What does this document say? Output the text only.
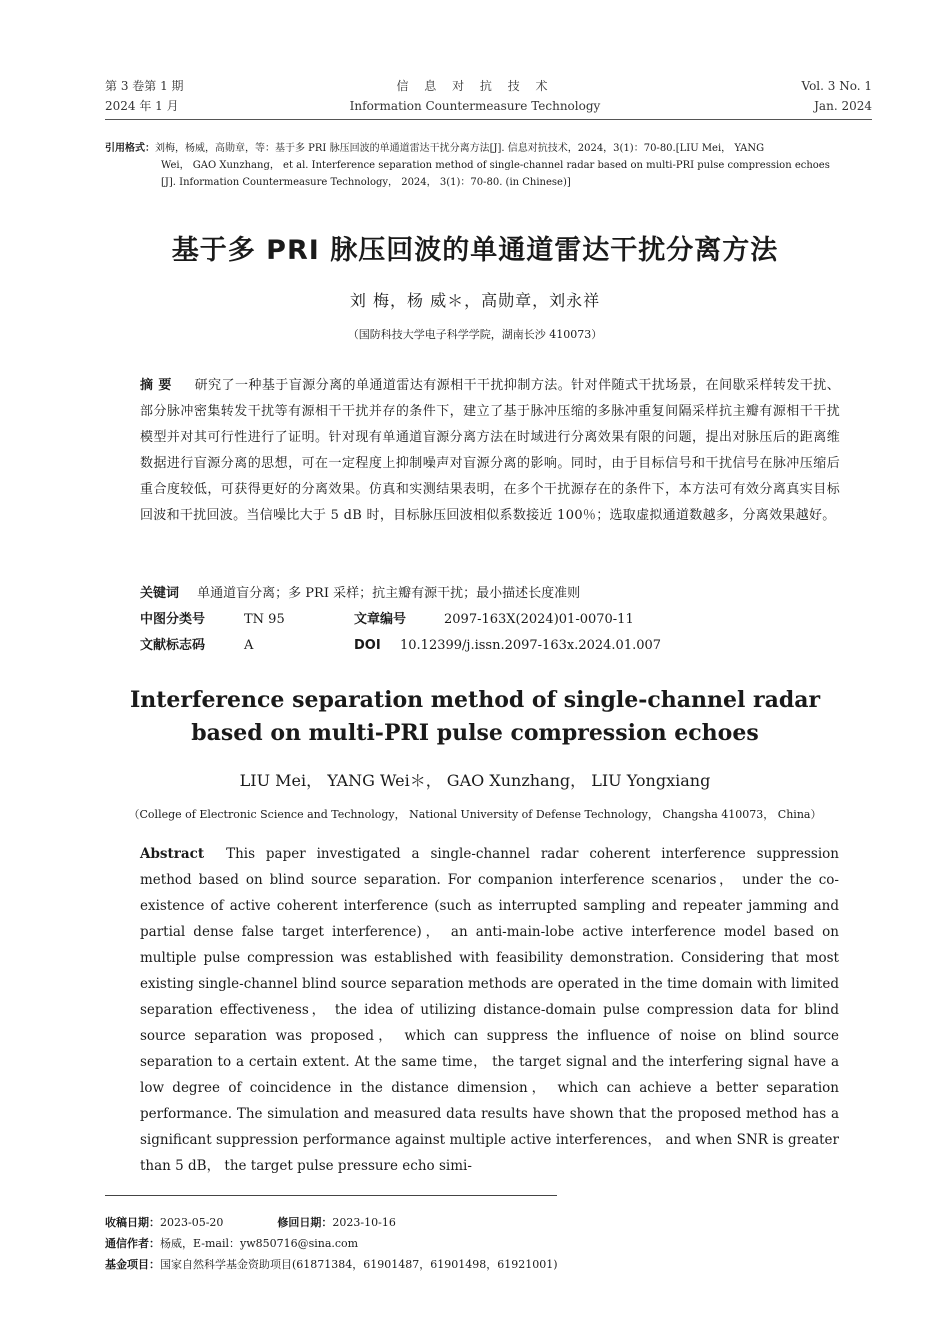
第 3 卷第 1 期
2024 年 1 月
信 息 对 抗 技 术
Information Countermeasure Technology
Vol. 3 No. 1
Jan. 2024
引用格式：刘梅，杨威，高勋章，等：基于多 PRI 脉压回波的单通道雷达干扰分离方法[J]. 信息对抗技术，2024，3(1)：70-80.[LIU Mei， YANG
Wei， GAO Xunzhang， et al. Interference separation method of single-channel radar based on multi-PRI pulse compression echoes
[J]. Information Countermeasure Technology， 2024， 3(1)：70-80. (in Chinese)]
基于多 PRI 脉压回波的单通道雷达干扰分离方法
刘 梅，杨 威＊，高勋章，刘永祥
（国防科技大学电子科学学院，湖南长沙 410073）
摘 要 研究了一种基于盲源分离的单通道雷达有源相干干扰抑制方法。针对伴随式干扰场景，在间歇采样转发干扰、部分脉冲密集转发干扰等有源相干干扰并存的条件下，建立了基于脉冲压缩的多脉冲重复间隔采样抗主瓣有源相干干扰模型并对其可行性进行了证明。针对现有单通道盲源分离方法在时域进行分离效果有限的问题，提出对脉压后的距离维数据进行盲源分离的思想，可在一定程度上抑制噪声对盲源分离的影响。同时，由于目标信号和干扰信号在脉冲压缩后重合度较低，可获得更好的分离效果。仿真和实测结果表明，在多个干扰源存在的条件下，本方法可有效分离真实目标回波和干扰回波。当信噪比大于 5 dB 时，目标脉压回波相似系数接近 100％；选取虚拟通道数越多，分离效果越好。
关键词 单通道盲分离；多 PRI 采样；抗主瓣有源干扰；最小描述长度准则
中图分类号	TN 95	文章编号	2097-163X(2024)01-0070-11
文献标志码	A	DOI 10.12399/j.issn.2097-163x.2024.01.007
Interference separation method of single-channel radar
based on multi-PRI pulse compression echoes
LIU Mei， YANG Wei＊， GAO Xunzhang， LIU Yongxiang
（College of Electronic Science and Technology， National University of Defense Technology， Changsha 410073， China）
Abstract This paper investigated a single-channel radar coherent interference suppression method based on blind source separation. For companion interference scenarios， under the co-existence of active coherent interference (such as interrupted sampling and repeater jamming and partial dense false target interference)， an anti-main-lobe active interference model based on multiple pulse compression was established with feasibility demonstration. Considering that most existing single-channel blind source separation methods are operated in the time domain with limited separation effectiveness， the idea of utilizing distance-domain pulse compression data for blind source separation was proposed， which can suppress the influence of noise on blind source separation to a certain extent. At the same time， the target signal and the interfering signal have a low degree of coincidence in the distance dimension， which can achieve a better separation performance. The simulation and measured data results have shown that the proposed method has a significant suppression performance against multiple active interferences， and when SNR is greater than 5 dB， the target pulse pressure echo simi-
收稿日期：2023-05-20	修回日期：2023-10-16
通信作者：杨威，E-mail：yw850716@sina.com
基金项目：国家自然科学基金资助项目(61871384，61901487，61901498，61921001)
